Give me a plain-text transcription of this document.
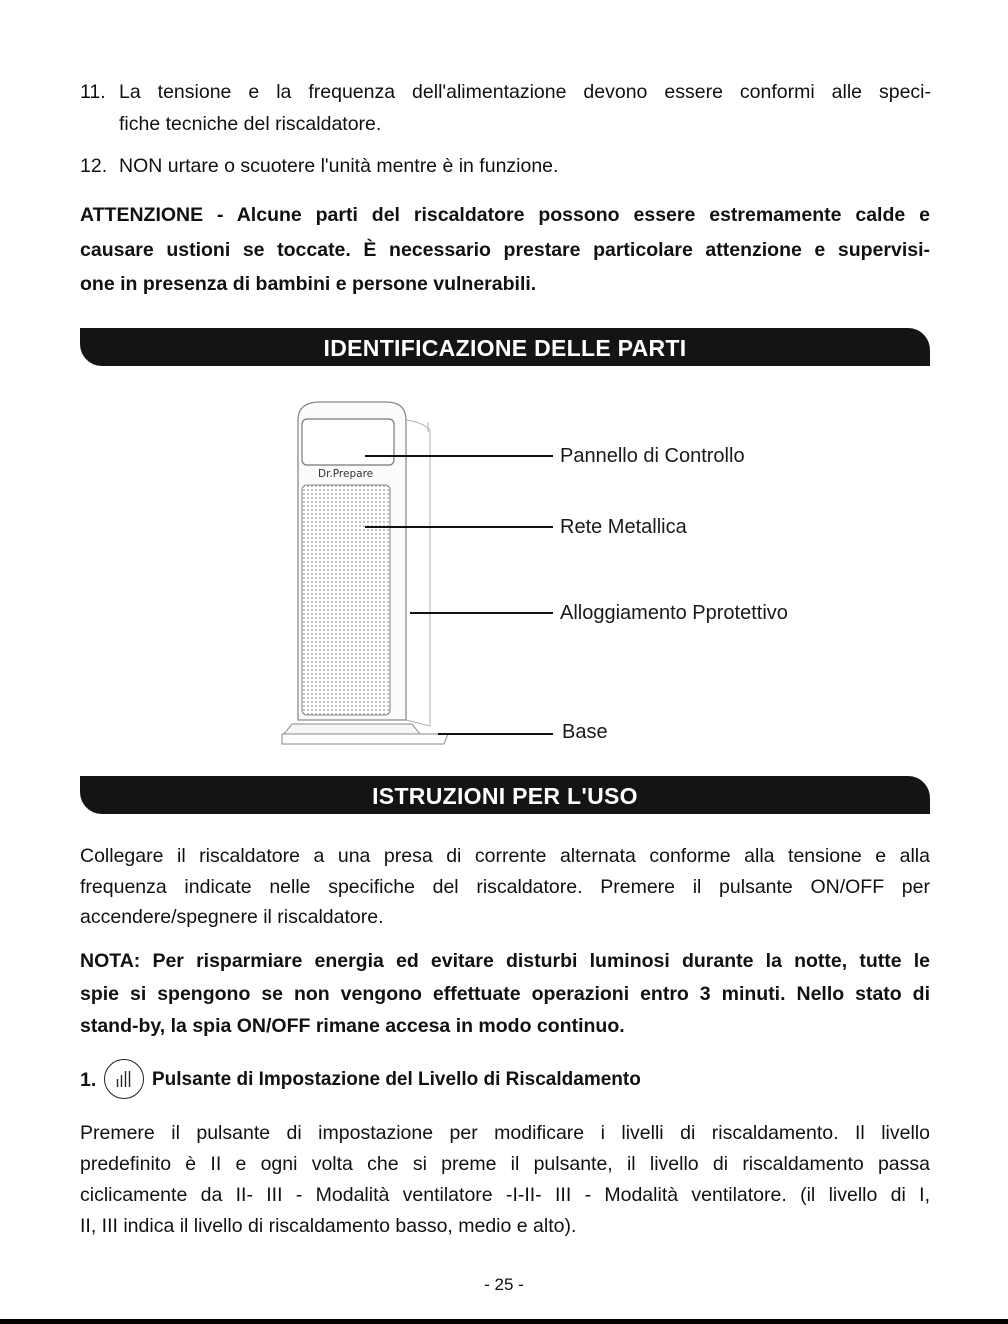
11. La tensione e la frequenza dell'alimentazione devono essere conformi alle speci-
fiche tecniche del riscaldatore.
12. NON urtare o scuotere l'unità mentre è in funzione.
ATTENZIONE - Alcune parti del riscaldatore possono essere estremamente calde e
causare ustioni se toccate. È necessario prestare particolare attenzione e supervisi-
one in presenza di bambini e persone vulnerabili.
IDENTIFICAZIONE DELLE PARTI
Dr.Prepare
Pannello di Controllo
Rete Metallica
Alloggiamento Pprotettivo
Base
ISTRUZIONI PER L'USO
Collegare il riscaldatore a una presa di corrente alternata conforme alla tensione e alla
frequenza indicate nelle specifiche del riscaldatore. Premere il pulsante ON/OFF per
accendere/spegnere il riscaldatore.
NOTA: Per risparmiare energia ed evitare disturbi luminosi durante la notte, tutte le
spie si spengono se non vengono effettuate operazioni entro 3 minuti. Nello stato di
stand-by, la spia ON/OFF rimane accesa in modo continuo.
1.	Pulsante di Impostazione del Livello di Riscaldamento
Premere il pulsante di impostazione per modificare i livelli di riscaldamento. Il livello
predefinito è II e ogni volta che si preme il pulsante, il livello di riscaldamento passa
ciclicamente da II- III - Modalità ventilatore -I-II- III - Modalità ventilatore. (il livello di I,
II, III indica il livello di riscaldamento basso, medio e alto).
- 25 -
